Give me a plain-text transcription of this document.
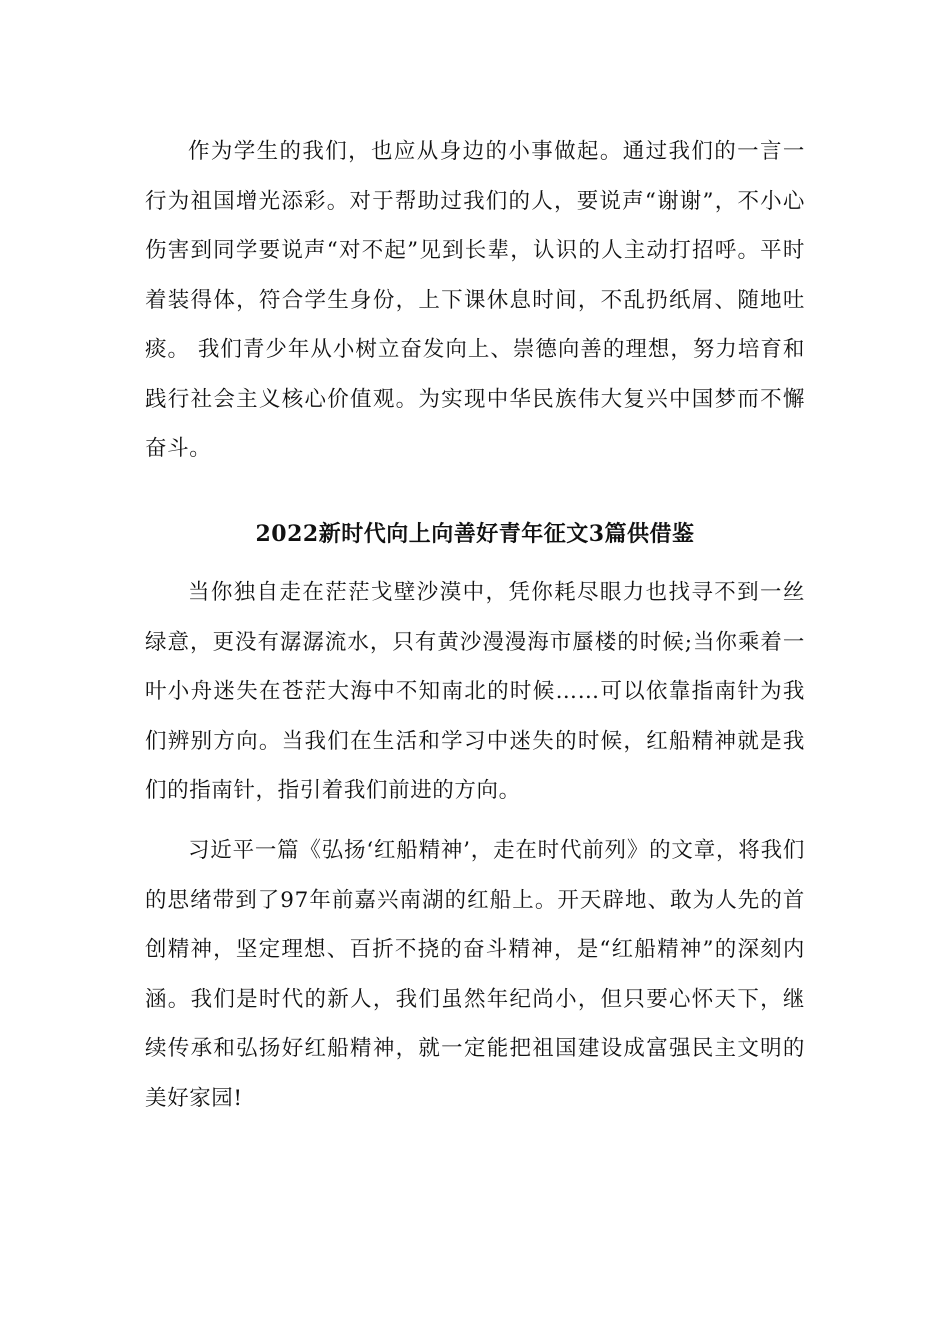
作为学生的我们，也应从身边的小事做起。通过我们的一言一行为祖国增光添彩。对于帮助过我们的人，要说声“谢谢”，不小心伤害到同学要说声“对不起”见到长辈，认识的人主动打招呼。平时着装得体，符合学生身份，上下课休息时间，不乱扔纸屑、随地吐痰。 我们青少年从小树立奋发向上、崇德向善的理想，努力培育和践行社会主义核心价值观。为实现中华民族伟大复兴中国梦而不懈奋斗。

2022新时代向上向善好青年征文3篇供借鉴

当你独自走在茫茫戈壁沙漠中，凭你耗尽眼力也找寻不到一丝绿意，更没有潺潺流水，只有黄沙漫漫海市蜃楼的时候;当你乘着一叶小舟迷失在苍茫大海中不知南北的时候……可以依靠指南针为我们辨别方向。当我们在生活和学习中迷失的时候，红船精神就是我们的指南针，指引着我们前进的方向。

习近平一篇《弘扬‘红船精神’，走在时代前列》的文章，将我们的思绪带到了97年前嘉兴南湖的红船上。开天辟地、敢为人先的首创精神，坚定理想、百折不挠的奋斗精神，是“红船精神”的深刻内涵。我们是时代的新人，我们虽然年纪尚小，但只要心怀天下，继续传承和弘扬好红船精神，就一定能把祖国建设成富强民主文明的美好家园!
